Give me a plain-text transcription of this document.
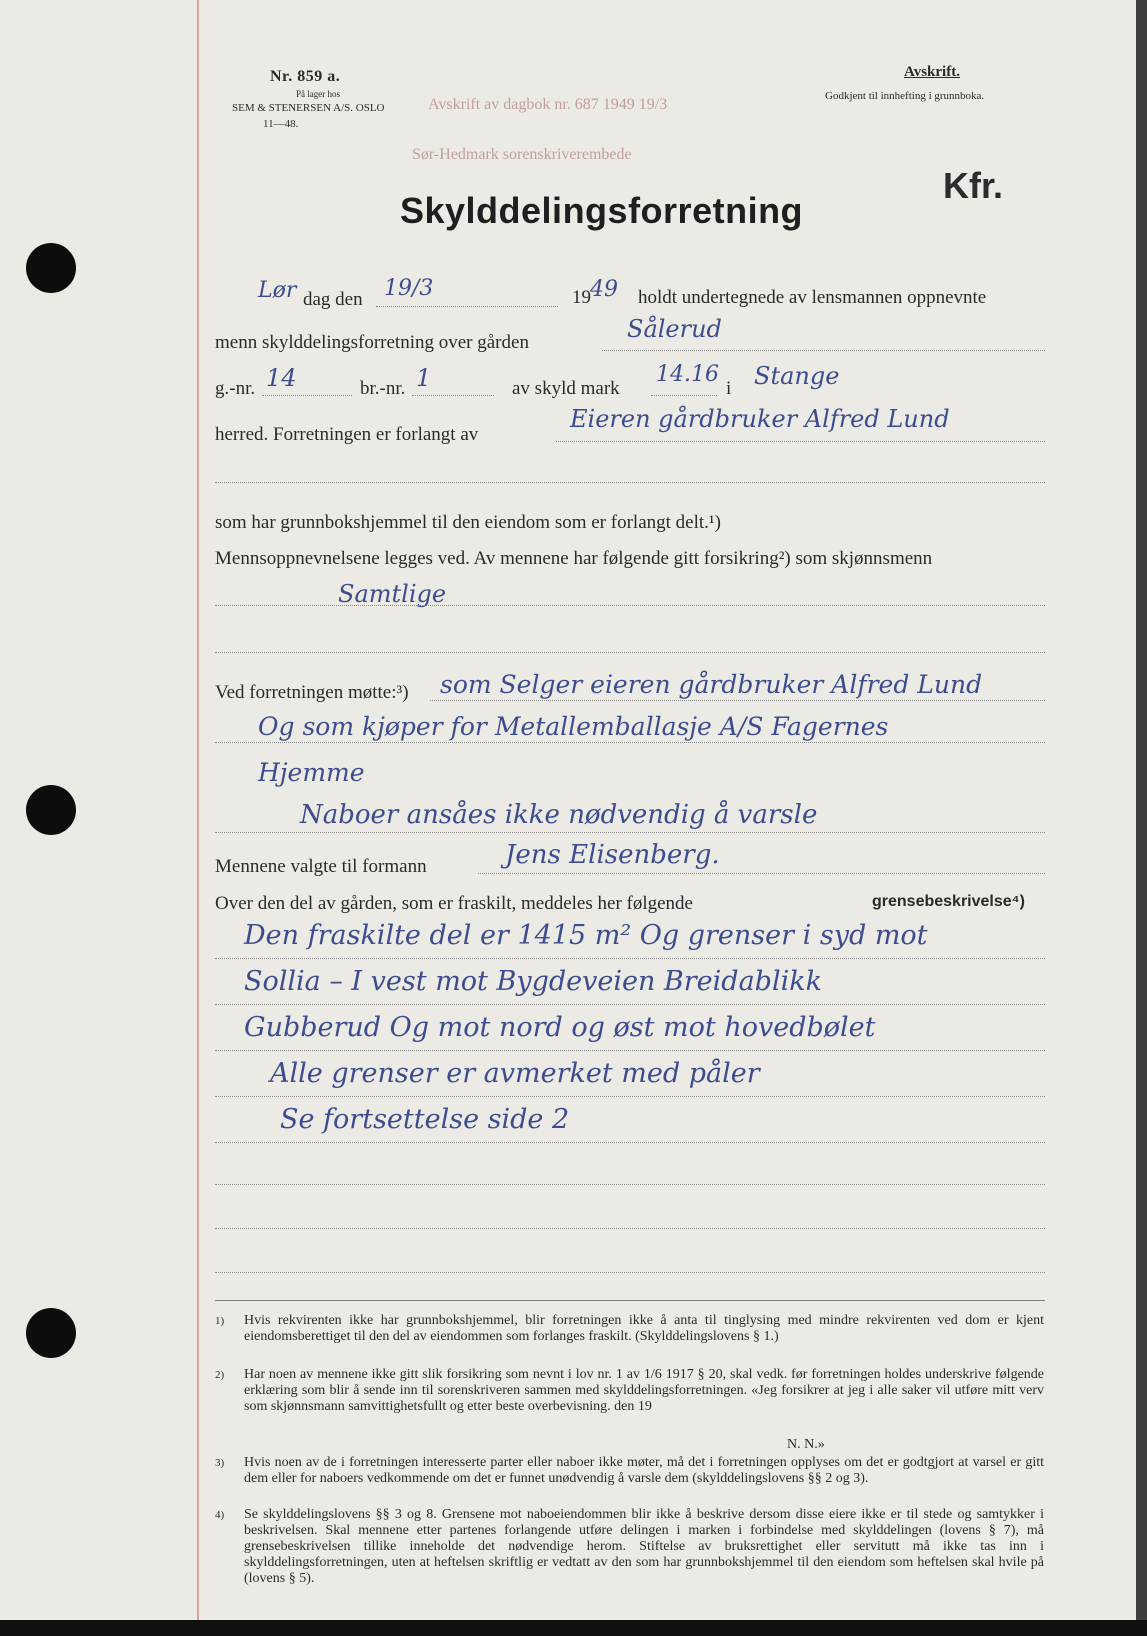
Nr. 859 a.
På lager hos
SEM & STENERSEN A/S. OSLO
11—48.
Avskrift av dagbok nr. 687 1949 19/3
Sør-Hedmark sorenskriverembede
Avskrift.
Godkjent til innhefting i grunnboka.
Kfr.
Skylddelingsforretning
Lør dag den 19/3	19 49 holdt undertegnede av lensmannen oppnevnte
menn skylddelingsforretning over gården	Sålerud
g.-nr. 14	br.-nr. 1	av skyld mark
14.16
i Stange
herred. Forretningen er forlangt av
Eieren gårdbruker Alfred Lund
som har grunnbokshjemmel til den eiendom som er forlangt delt.¹)
Mennsoppnevnelsene legges ved. Av mennene har følgende gitt forsikring²) som skjønnsmenn
Samtlige
Ved forretningen møtte:³) som Selger eieren gårdbruker Alfred Lund
Og som kjøper for Metallemballasje A/S Fagernes
Hjemme
Naboer ansåes ikke nødvendig å varsle
Mennene valgte til formann	Jens Elisenberg.
Over den del av gården, som er fraskilt, meddeles her følgende	grensebeskrivelse⁴)
Den fraskilte del er 1415 m² Og grenser i syd mot
Sollia – I vest mot Bygdeveien Breidablikk
Gubberud Og mot nord og øst mot hovedbølet
Alle grenser er avmerket med påler
Se fortsettelse side 2
1) Hvis rekvirenten ikke har grunnbokshjemmel, blir forretningen ikke å anta til tinglysing med mindre rekvirenten ved dom er kjent eiendomsberettiget til den del av eiendommen som forlanges fraskilt. (Skylddelingslovens § 1.)
2) Har noen av mennene ikke gitt slik forsikring som nevnt i lov nr. 1 av 1/6 1917 § 20, skal vedk. før forretningen holdes underskrive følgende erklæring som blir å sende inn til sorenskriveren sammen med skylddelingsforretningen. «Jeg forsikrer at jeg i alle saker vil utføre mitt verv som skjønnsmann samvittighetsfullt og etter beste overbevisning. den 19
N. N.»
3) Hvis noen av de i forretningen interesserte parter eller naboer ikke møter, må det i forretningen opplyses om det er godtgjort at varsel er gitt dem eller for naboers vedkommende om det er funnet unødvendig å varsle dem (skylddelingslovens §§ 2 og 3).
4) Se skylddelingslovens §§ 3 og 8. Grensene mot naboeiendommen blir ikke å beskrive dersom disse eiere ikke er til stede og samtykker i beskrivelsen. Skal mennene etter partenes forlangende utføre delingen i marken i forbindelse med skylddelingen (lovens § 7), må grensebeskrivelsen tillike inneholde det nødvendige herom. Stiftelse av bruksrettighet eller servitutt må ikke tas inn i skylddelingsforretningen, uten at heftelsen skriftlig er vedtatt av den som har grunnbokshjemmel til den eiendom som heftelsen skal hvile på (lovens § 5).
